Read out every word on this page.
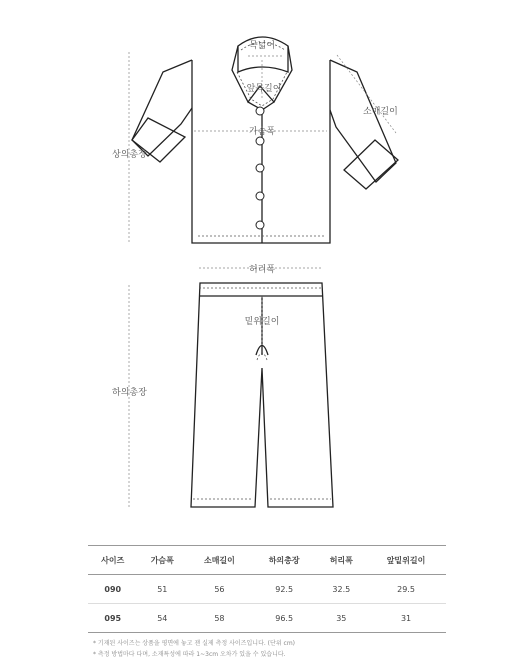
목넓이
앞목길이
소매길이
가슴폭
상의총장
허리폭
밑위길이
하의총장
사이즈	가슴폭	소매길이	하의총장	허리폭	앞밑위길이
090	51	56	92.5	32.5	29.5
095	54	58	96.5	35	31
* 기재된 사이즈는 상품을 평면에 놓고 잰 실제 측정 사이즈입니다. (단위 cm)
* 측정 방법마다 다며, 소재특성에 따라 1~3cm 오차가 있을 수 있습니다.
